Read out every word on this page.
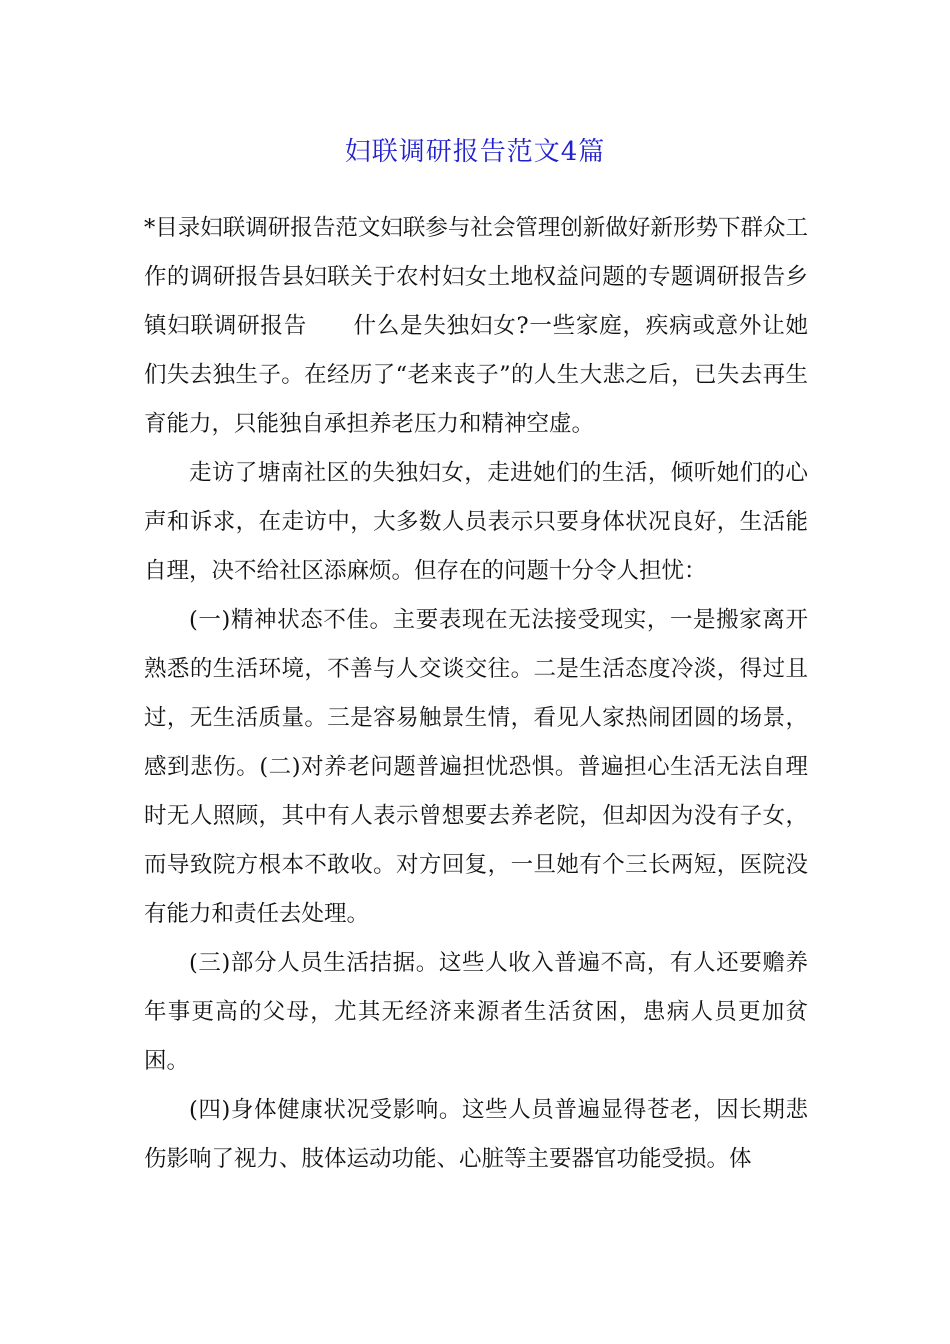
妇联调研报告范文4篇

*目录妇联调研报告范文妇联参与社会管理创新做好新形势下群众工作的调研报告县妇联关于农村妇女土地权益问题的专题调研报告乡镇妇联调研报告　　什么是失独妇女?一些家庭，疾病或意外让她们失去独生子。在经历了“老来丧子”的人生大悲之后，已失去再生育能力，只能独自承担养老压力和精神空虚。

走访了塘南社区的失独妇女，走进她们的生活，倾听她们的心声和诉求，在走访中，大多数人员表示只要身体状况良好，生活能自理，决不给社区添麻烦。但存在的问题十分令人担忧：

(一)精神状态不佳。主要表现在无法接受现实，一是搬家离开熟悉的生活环境，不善与人交谈交往。二是生活态度冷淡，得过且过，无生活质量。三是容易触景生情，看见人家热闹团圆的场景，感到悲伤。(二)对养老问题普遍担忧恐惧。普遍担心生活无法自理时无人照顾，其中有人表示曾想要去养老院，但却因为没有子女，而导致院方根本不敢收。对方回复，一旦她有个三长两短，医院没有能力和责任去处理。

(三)部分人员生活拮据。这些人收入普遍不高，有人还要赡养年事更高的父母，尤其无经济来源者生活贫困，患病人员更加贫困。

(四)身体健康状况受影响。这些人员普遍显得苍老，因长期悲伤影响了视力、肢体运动功能、心脏等主要器官功能受损。体
